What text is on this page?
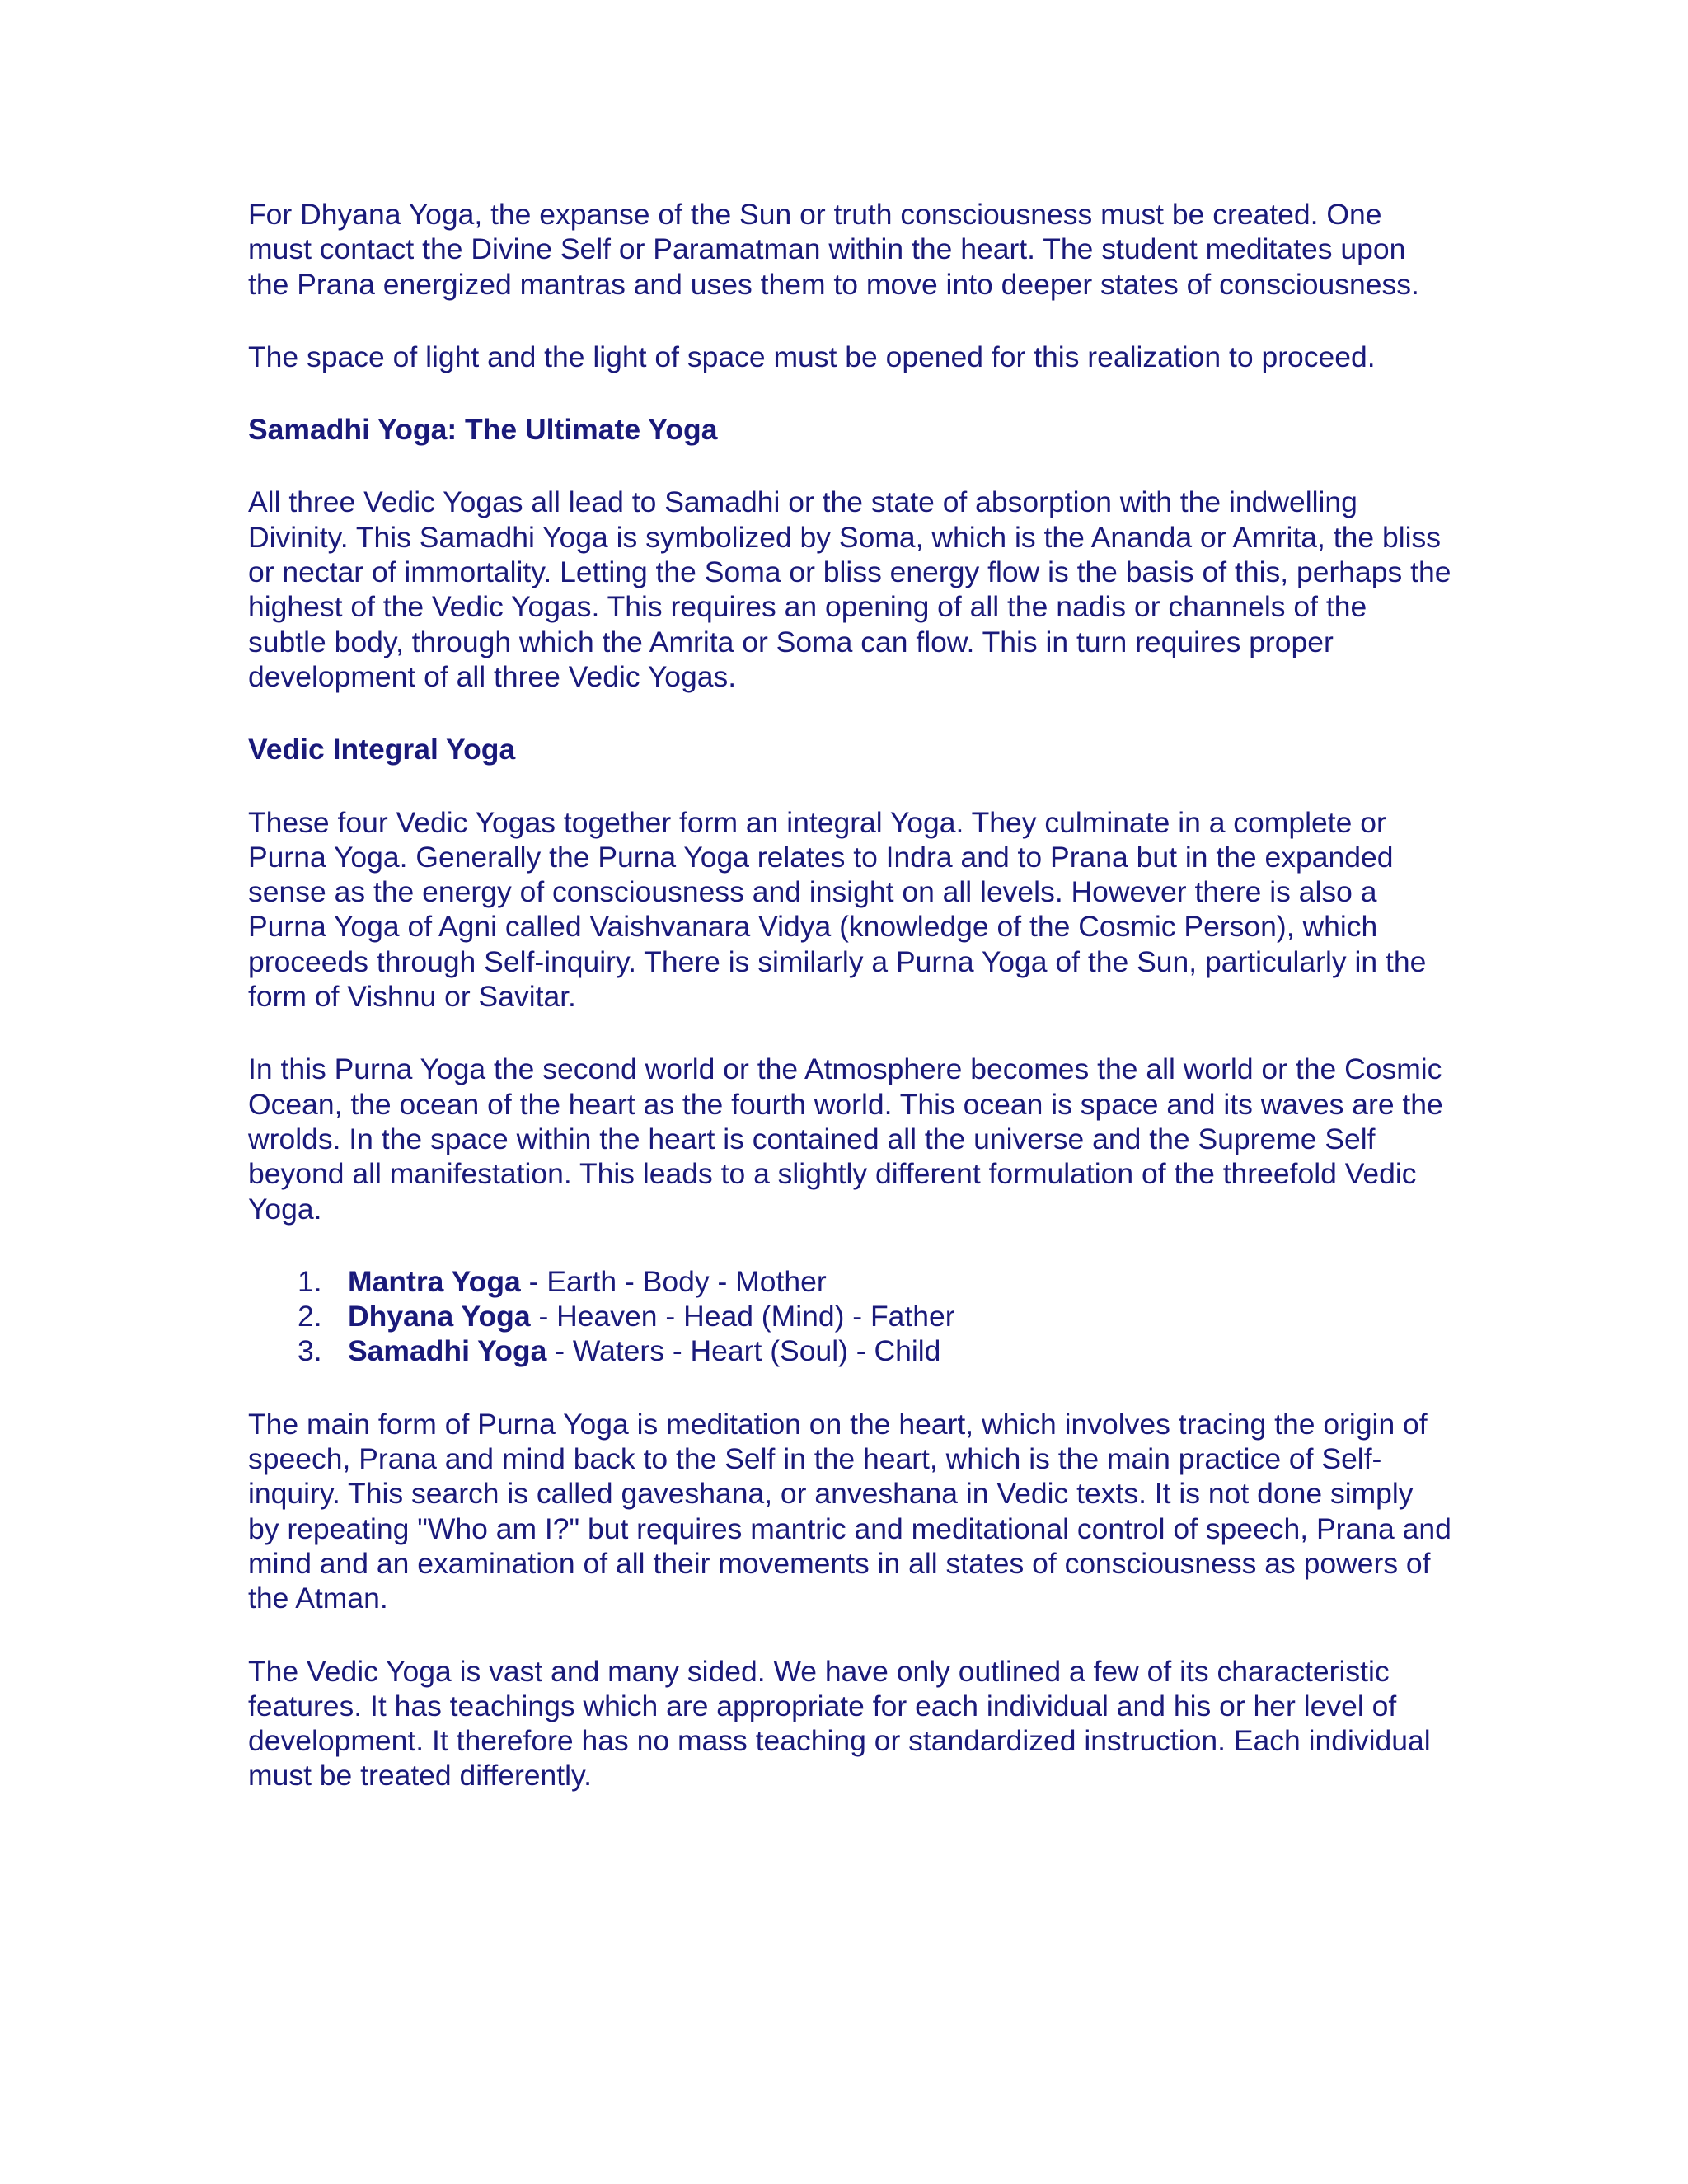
For Dhyana Yoga, the expanse of the Sun or truth consciousness must be created. One must contact the Divine Self or Paramatman within the heart. The student meditates upon the Prana energized mantras and uses them to move into deeper states of consciousness.

The space of light and the light of space must be opened for this realization to proceed.

Samadhi Yoga: The Ultimate Yoga

All three Vedic Yogas all lead to Samadhi or the state of absorption with the indwelling Divinity. This Samadhi Yoga is symbolized by Soma, which is the Ananda or Amrita, the bliss or nectar of immortality. Letting the Soma or bliss energy flow is the basis of this, perhaps the highest of the Vedic Yogas. This requires an opening of all the nadis or channels of the subtle body, through which the Amrita or Soma can flow. This in turn requires proper development of all three Vedic Yogas.

Vedic Integral Yoga

These four Vedic Yogas together form an integral Yoga. They culminate in a complete or Purna Yoga. Generally the Purna Yoga relates to Indra and to Prana but in the expanded sense as the energy of consciousness and insight on all levels. However there is also a Purna Yoga of Agni called Vaishvanara Vidya (knowledge of the Cosmic Person), which proceeds through Self-inquiry. There is similarly a Purna Yoga of the Sun, particularly in the form of Vishnu or Savitar.

In this Purna Yoga the second world or the Atmosphere becomes the all world or the Cosmic Ocean, the ocean of the heart as the fourth world. This ocean is space and its waves are the wrolds. In the space within the heart is contained all the universe and the Supreme Self beyond all manifestation. This leads to a slightly different formulation of the threefold Vedic Yoga.

1. Mantra Yoga - Earth - Body - Mother
2. Dhyana Yoga - Heaven - Head (Mind) - Father
3. Samadhi Yoga - Waters - Heart (Soul) - Child

The main form of Purna Yoga is meditation on the heart, which involves tracing the origin of speech, Prana and mind back to the Self in the heart, which is the main practice of Self-inquiry. This search is called gaveshana, or anveshana in Vedic texts. It is not done simply by repeating "Who am I?" but requires mantric and meditational control of speech, Prana and mind and an examination of all their movements in all states of consciousness as powers of the Atman.

The Vedic Yoga is vast and many sided. We have only outlined a few of its characteristic features. It has teachings which are appropriate for each individual and his or her level of development. It therefore has no mass teaching or standardized instruction. Each individual must be treated differently.
